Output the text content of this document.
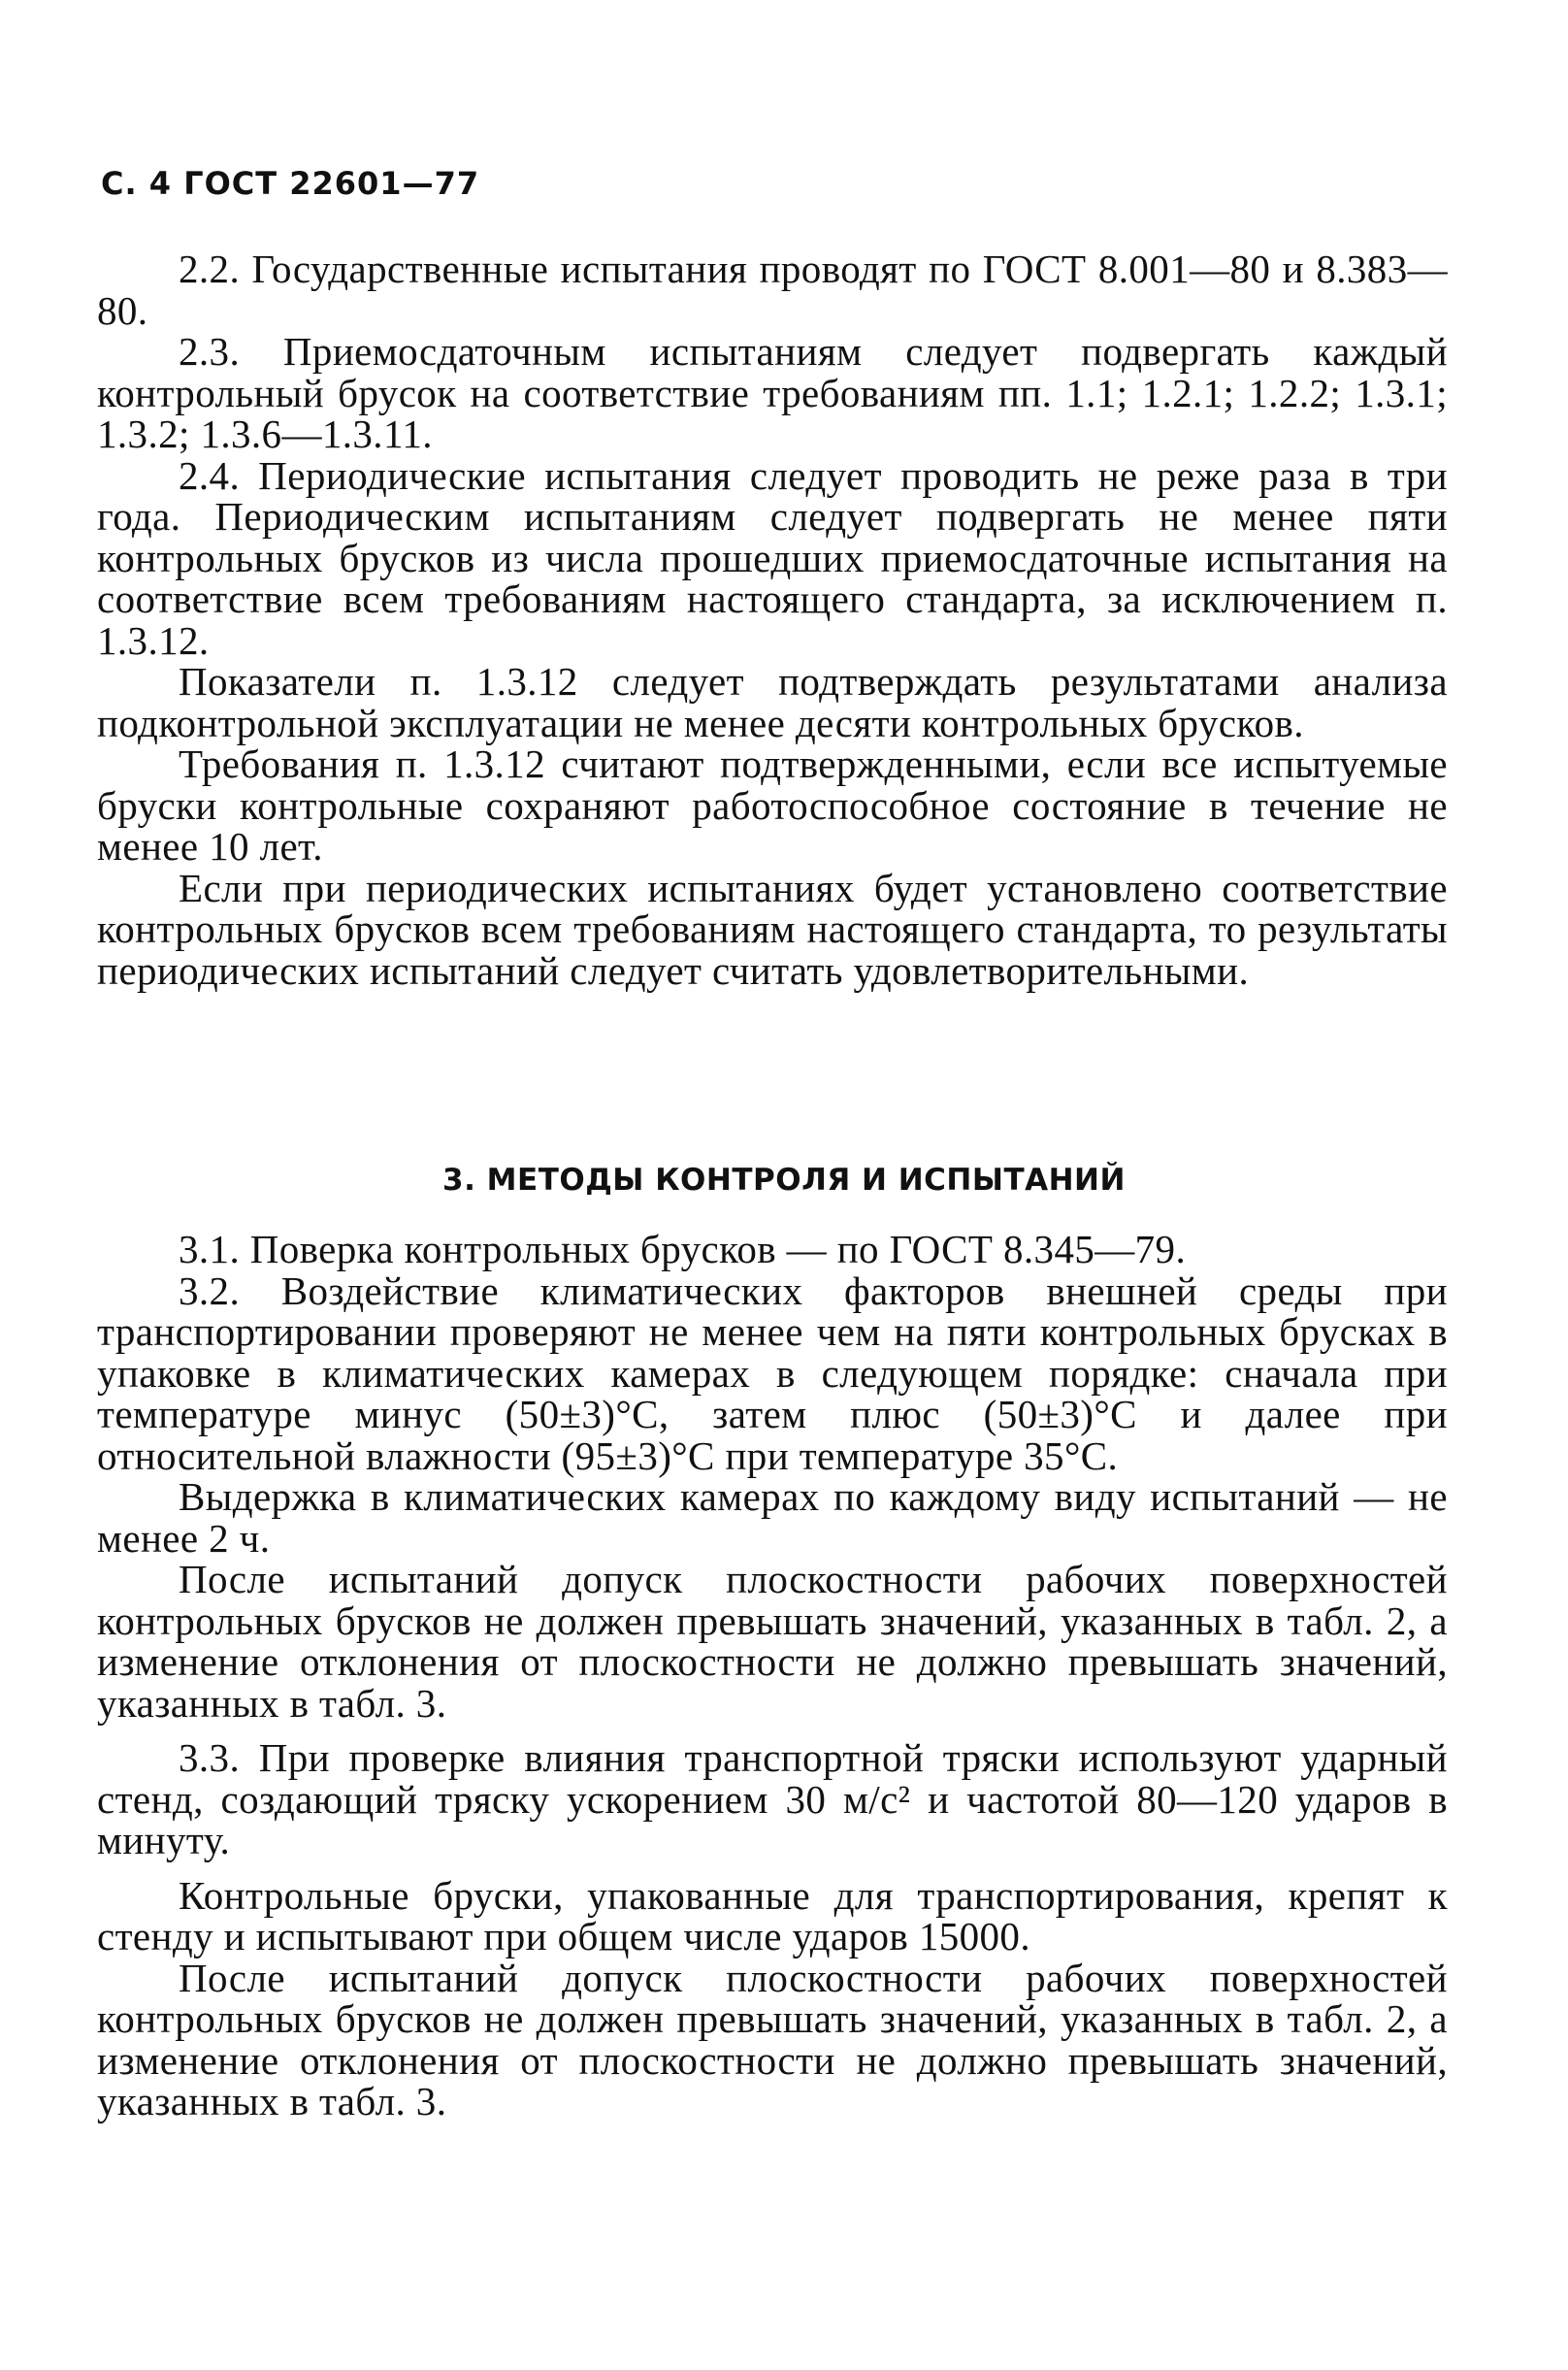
С. 4 ГОСТ 22601—77

2.2. Государственные испытания проводят по ГОСТ 8.001—80 и 8.383—80.

2.3. Приемосдаточным испытаниям следует подвергать каждый контрольный брусок на соответствие требованиям пп. 1.1; 1.2.1; 1.2.2; 1.3.1; 1.3.2; 1.3.6—1.3.11.

2.4. Периодические испытания следует проводить не реже раза в три года. Периодическим испытаниям следует подвергать не менее пяти контрольных брусков из числа прошедших приемосдаточные испытания на соответствие всем требованиям настоящего стандарта, за исключением п. 1.3.12.

Показатели п. 1.3.12 следует подтверждать результатами анализа подконтрольной эксплуатации не менее десяти контрольных брусков.

Требования п. 1.3.12 считают подтвержденными, если все испытуемые бруски контрольные сохраняют работоспособное состояние в течение не менее 10 лет.

Если при периодических испытаниях будет установлено соответствие контрольных брусков всем требованиям настоящего стандарта, то результаты периодических испытаний следует считать удовлетворительными.

3. МЕТОДЫ КОНТРОЛЯ И ИСПЫТАНИЙ

3.1. Поверка контрольных брусков — по ГОСТ 8.345—79.

3.2. Воздействие климатических факторов внешней среды при транспортировании проверяют не менее чем на пяти контрольных брусках в упаковке в климатических камерах в следующем порядке: сначала при температуре минус (50±3)°С, затем плюс (50±3)°С и далее при относительной влажности (95±3)°С при температуре 35°С.

Выдержка в климатических камерах по каждому виду испытаний — не менее 2 ч.

После испытаний допуск плоскостности рабочих поверхностей контрольных брусков не должен превышать значений, указанных в табл. 2, а изменение отклонения от плоскостности не должно превышать значений, указанных в табл. 3.

3.3. При проверке влияния транспортной тряски используют ударный стенд, создающий тряску ускорением 30 м/с² и частотой 80—120 ударов в минуту.

Контрольные бруски, упакованные для транспортирования, крепят к стенду и испытывают при общем числе ударов 15000.

После испытаний допуск плоскостности рабочих поверхностей контрольных брусков не должен превышать значений, указанных в табл. 2, а изменение отклонения от плоскостности не должно превышать значений, указанных в табл. 3.
